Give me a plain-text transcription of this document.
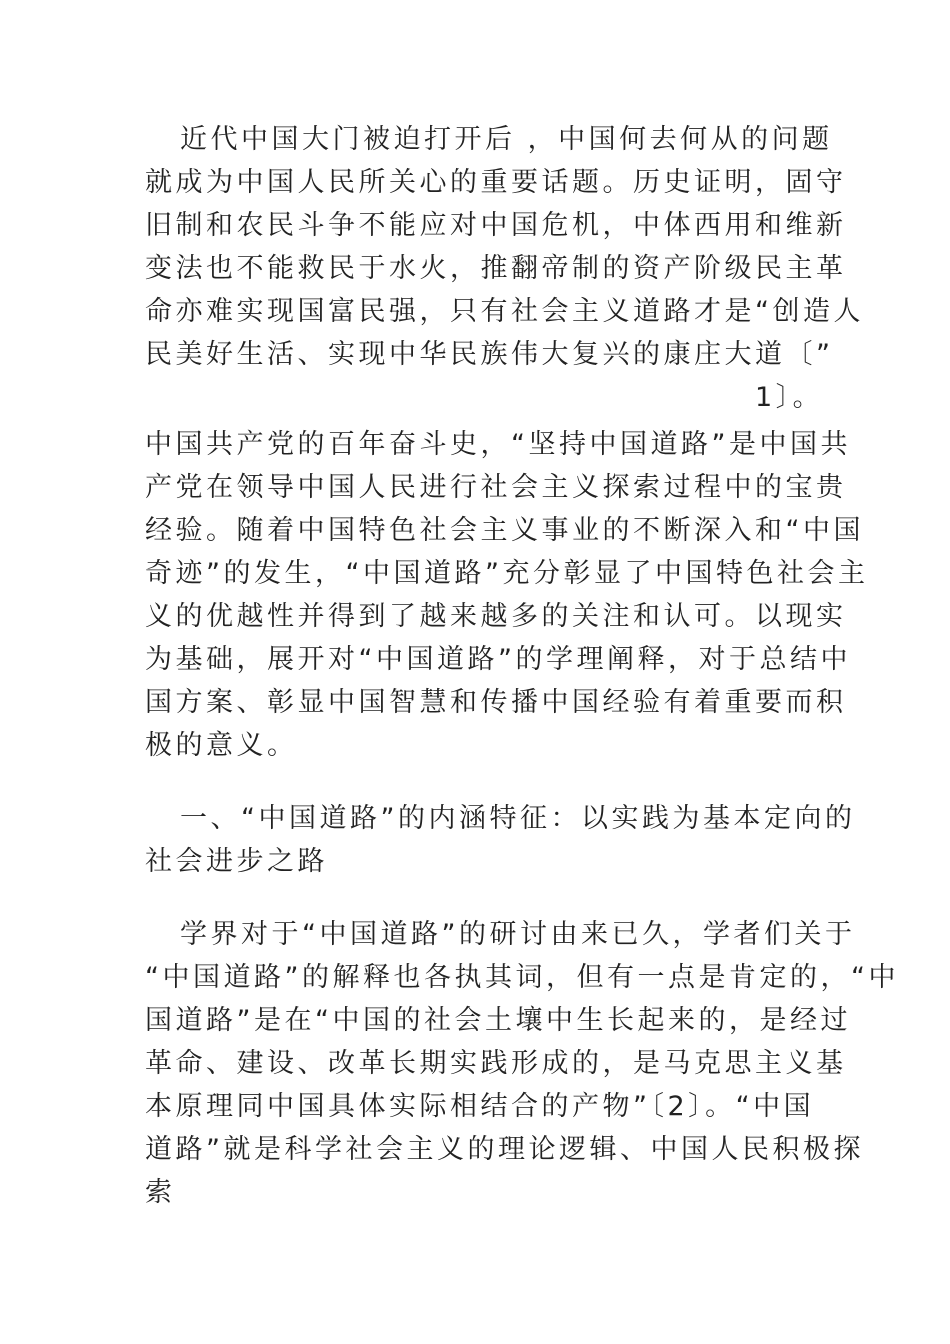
近代中国大门被迫打开后 ，中国何去何从的问题
就成为中国人民所关心的重要话题。历史证明，固守
旧制和农民斗争不能应对中国危机，中体西用和维新
变法也不能救民于水火，推翻帝制的资产阶级民主革
命亦难实现国富民强，只有社会主义道路才是“创造人
民美好生活、实现中华民族伟大复兴的康庄大道〔”
1〕。
中国共产党的百年奋斗史，“坚持中国道路”是中国共
产党在领导中国人民进行社会主义探索过程中的宝贵
经验。随着中国特色社会主义事业的不断深入和“中国
奇迹”的发生，“中国道路”充分彰显了中国特色社会主
义的优越性并得到了越来越多的关注和认可。以现实
为基础，展开对“中国道路”的学理阐释，对于总结中
国方案、彰显中国智慧和传播中国经验有着重要而积
极的意义。
一、“中国道路”的内涵特征：以实践为基本定向的
社会进步之路
学界对于“中国道路”的研讨由来已久，学者们关于
“中国道路”的解释也各执其词，但有一点是肯定的，“中
国道路”是在“中国的社会土壤中生长起来的，是经过
革命、建设、改革长期实践形成的，是马克思主义基
本原理同中国具体实际相结合的产物”〔2〕。“中国
道路”就是科学社会主义的理论逻辑、中国人民积极探
索
